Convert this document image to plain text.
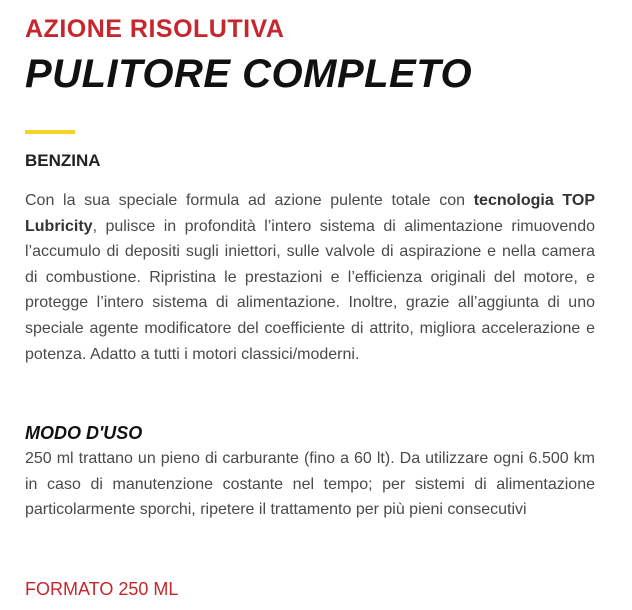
AZIONE RISOLUTIVA
PULITORE COMPLETO
BENZINA

Con la sua speciale formula ad azione pulente totale con tecnologia TOP Lubricity, pulisce in profondità l’intero sistema di alimentazione rimuovendo l’accumulo di depositi sugli iniettori, sulle valvole di aspirazione e nella camera di combustione. Ripristina le prestazioni e l’efficienza originali del motore, e protegge l’intero sistema di alimentazione. Inoltre, grazie all’aggiunta di uno speciale agente modificatore del coefficiente di attrito, migliora accelerazione e potenza. Adatto a tutti i motori classici/moderni.

MODO D'USO

250 ml trattano un pieno di carburante (fino a 60 lt). Da utilizzare ogni 6.500 km in caso di manutenzione costante nel tempo; per sistemi di alimentazione particolarmente sporchi, ripetere il trattamento per più pieni consecutivi

FORMATO 250 ML
